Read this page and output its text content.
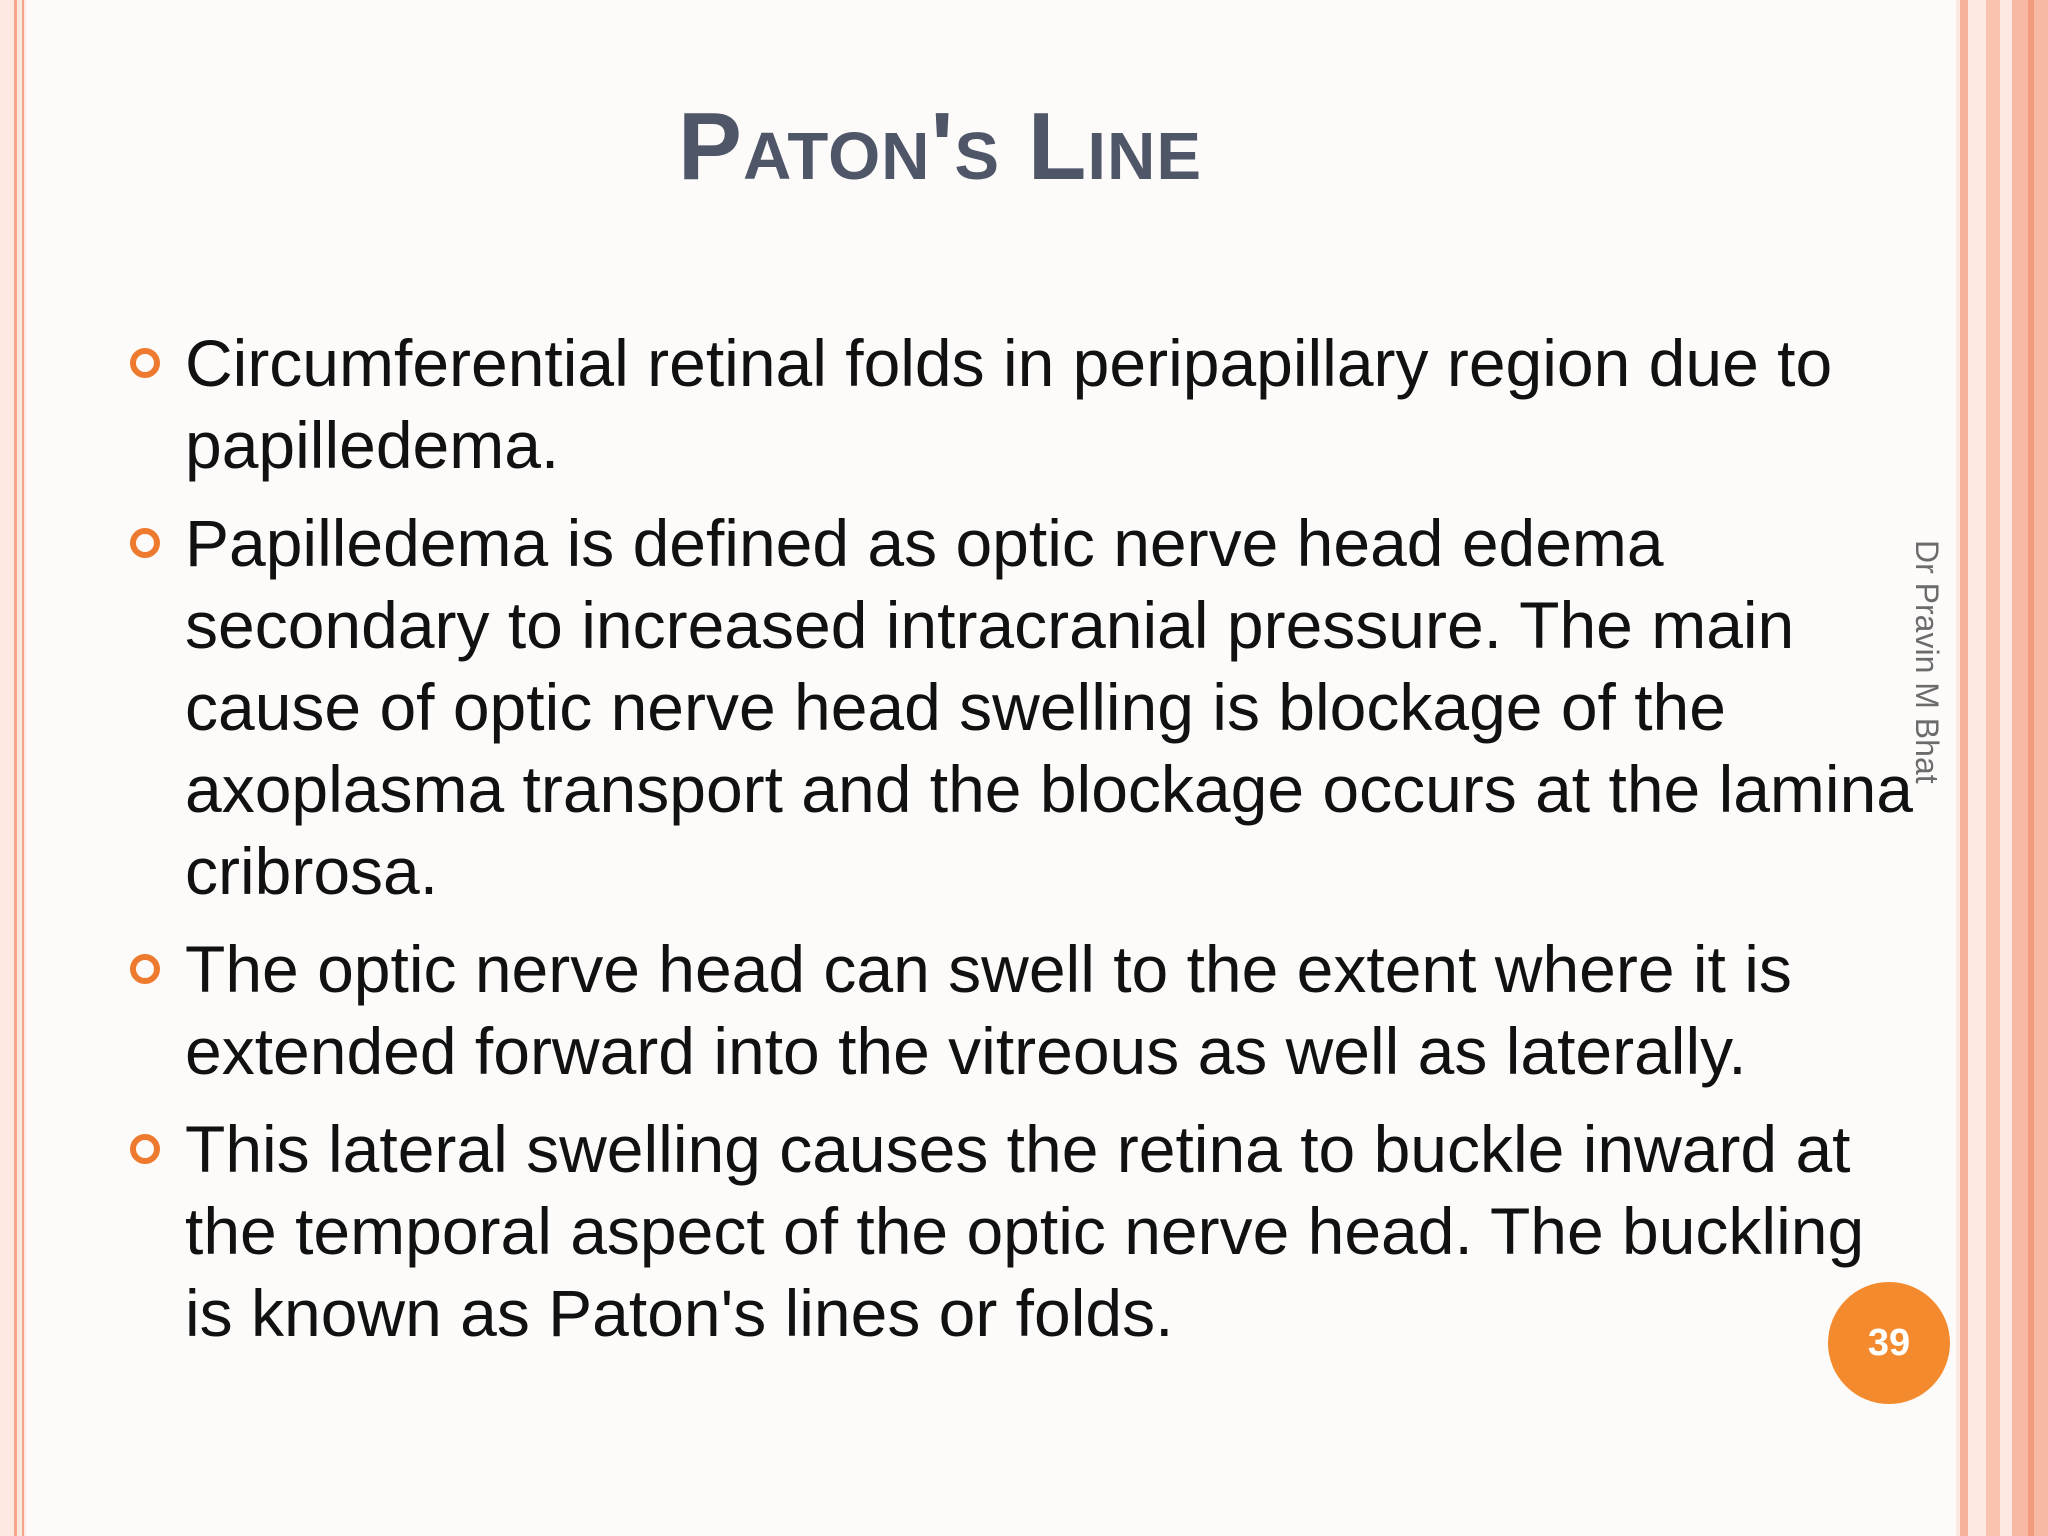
Paton's Line
Circumferential retinal folds in peripapillary region due to papilledema.
Papilledema is defined as optic nerve head edema secondary to increased intracranial pressure. The main cause of optic nerve head swelling is blockage of the axoplasma transport and the blockage occurs at the lamina cribrosa.
The optic nerve head can swell to the extent where it is extended forward into the vitreous as well as laterally.
This lateral swelling causes the retina to buckle inward at the temporal aspect of the optic nerve head. The buckling is known as Paton's lines or folds.
Dr Pravin M Bhat
39
